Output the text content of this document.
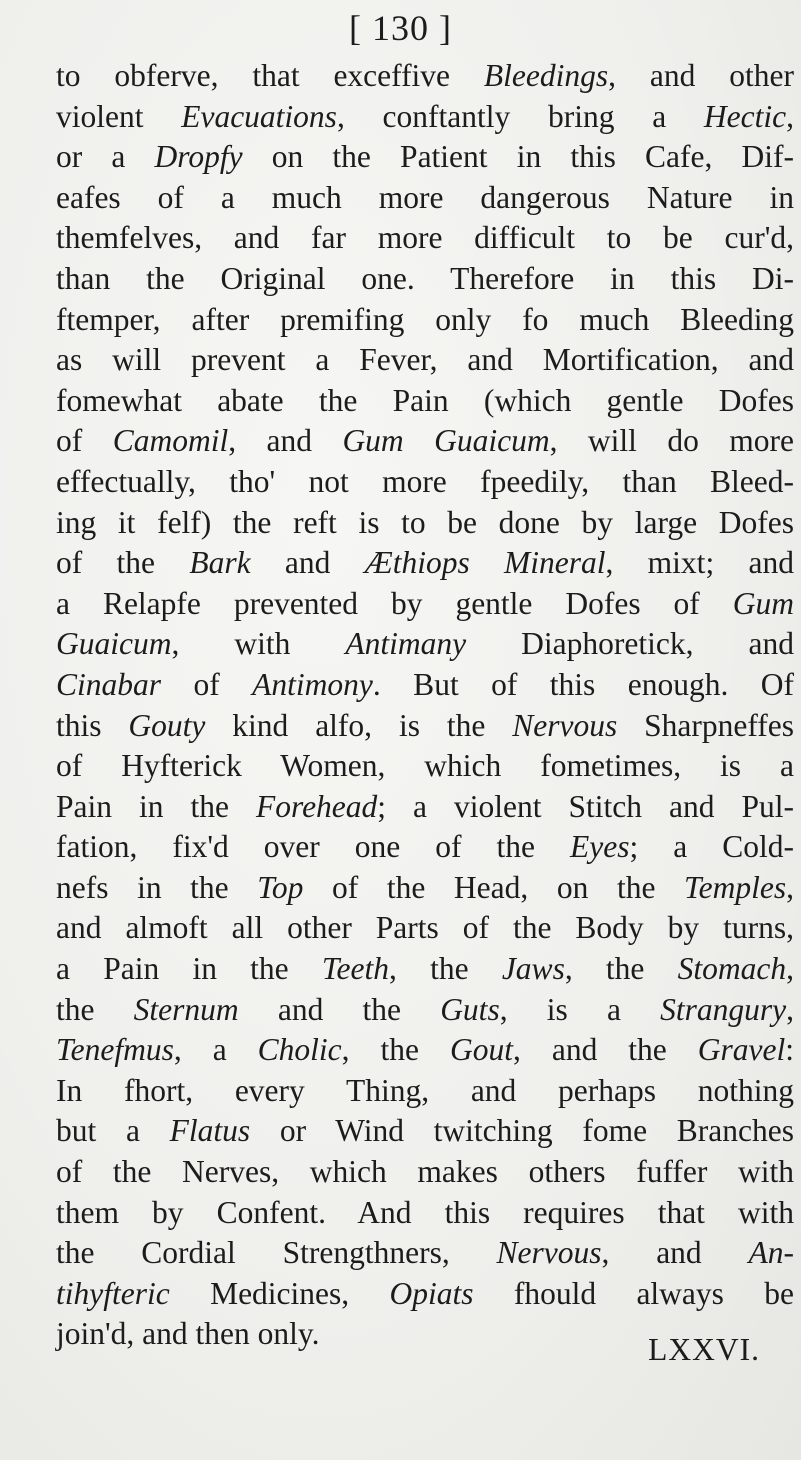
[ 130 ]
to obferve, that exceffive Bleedings, and other
violent Evacuations, conftantly bring a Hectic,
or a Dropfy on the Patient in this Cafe, Dif-
eafes of a much more dangerous Nature in
themfelves, and far more difficult to be cur'd,
than the Original one. Therefore in this Di-
ftemper, after premifing only fo much Bleeding
as will prevent a Fever, and Mortification, and
fomewhat abate the Pain (which gentle Dofes
of Camomil, and Gum Guaicum, will do more
effectually, tho' not more fpeedily, than Bleed-
ing it felf) the reft is to be done by large Dofes
of the Bark and Æthiops Mineral, mixt; and
a Relapfe prevented by gentle Dofes of Gum
Guaicum, with Antimany Diaphoretick, and
Cinabar of Antimony. But of this enough. Of
this Gouty kind alfo, is the Nervous Sharpneffes
of Hyfterick Women, which fometimes, is a
Pain in the Forehead; a violent Stitch and Pul-
fation, fix'd over one of the Eyes; a Cold-
nefs in the Top of the Head, on the Temples,
and almoft all other Parts of the Body by turns,
a Pain in the Teeth, the Jaws, the Stomach,
the Sternum and the Guts, is a Strangury,
Tenefmus, a Cholic, the Gout, and the Gravel:
In fhort, every Thing, and perhaps nothing
but a Flatus or Wind twitching fome Branches
of the Nerves, which makes others fuffer with
them by Confent. And this requires that with
the Cordial Strengthners, Nervous, and An-
tihyfteric Medicines, Opiats fhould always be
join'd, and then only.	LXXVI.
